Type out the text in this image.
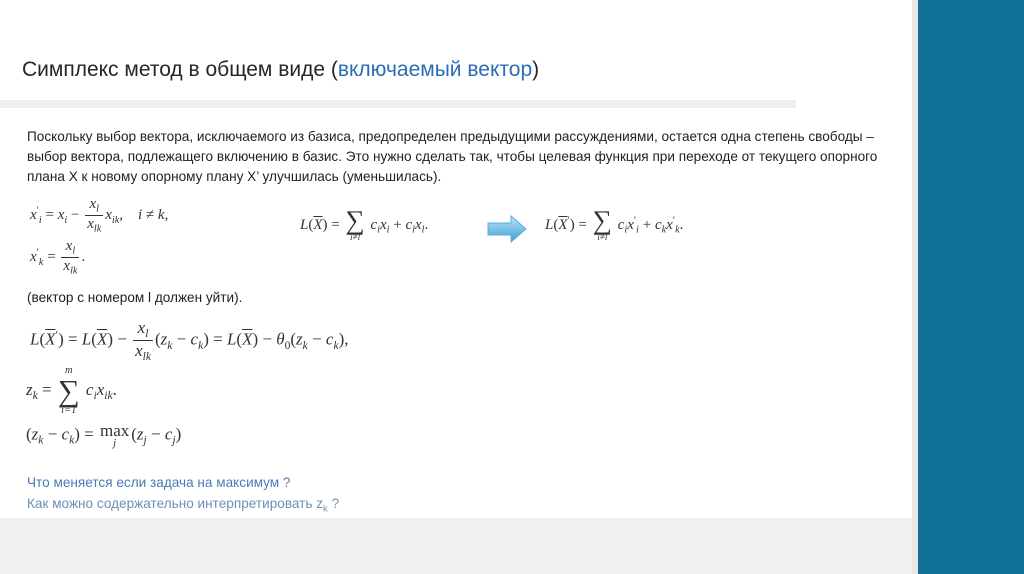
Симплекс метод в общем виде (включаемый вектор)
Поскольку выбор вектора, исключаемого из базиса, предопределен предыдущими рассуждениями, остается одна степень свободы – выбор вектора, подлежащего включению в базис. Это нужно сделать так, чтобы целевая функция при переходе от текущего опорного плана Х к новому опорному плану Х’ улучшилась (уменьшилась).
$x'_i = x_i - \frac{x_l}{x_{lk}} x_{ik}$,    i ≠ k,
$x'_k = \frac{x_l}{x_{lk}}$ .
$L(\overline{X})$ = ∑
i≠l
$c_ix_i + c_lx_l$.	$L(\overline{X}')$ = ∑
i≠l
$c_ix'_i + c_kx'_k$.
(вектор с номером l должен уйти).
$L(\overline{X}') = L(\overline{X}) - \frac{x_l}{x_{lk}} (z_k - c_k) = L(\overline{X}) - \theta_0(z_k - c_k)$,
$z_k$ =
m
∑
i=1
$c_ix_{ik}$.
$(z_k - c_k) = \max$
j $(z_j - c_j)$
Что меняется если задача на максимум ?
Как можно содержательно интерпретировать $z_k$ ?
